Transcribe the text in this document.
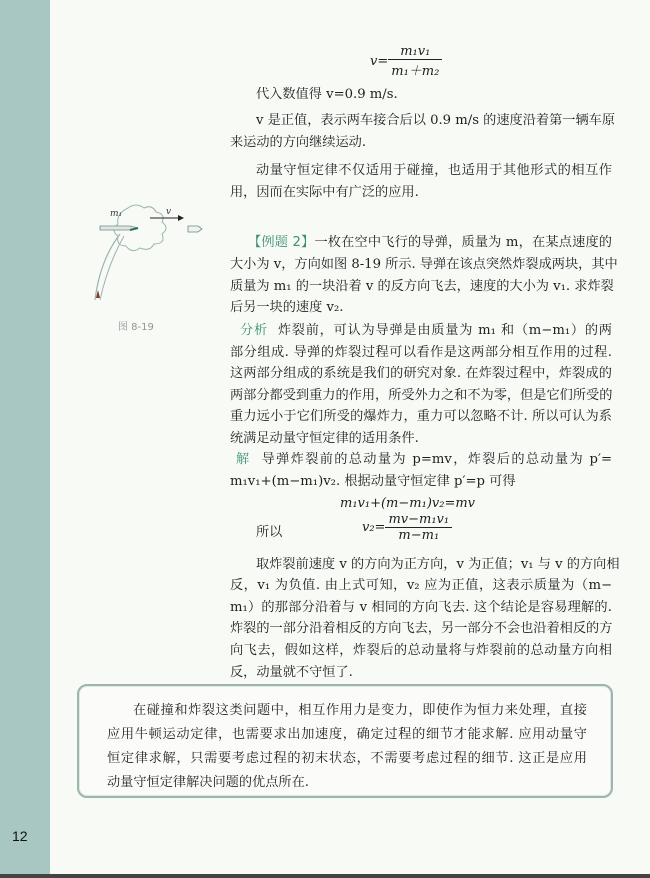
12
$v= \frac{\text{m₁v₁}}{\text{m₁＋m₂}}$
代入数值得 v=0.9 m/s.
v 是正值，表示两车接合后以 0.9 m/s 的速度沿着第一辆车原
来运动的方向继续运动.
动量守恒定律不仅适用于碰撞，也适用于其他形式的相互作
用，因而在实际中有广泛的应用.
【例题 2】一枚在空中飞行的导弹，质量为 m，在某点速度的
大小为 v，方向如图 8-19 所示. 导弹在该点突然炸裂成两块，其中
质量为 m₁ 的一块沿着 v 的反方向飞去，速度的大小为 v₁. 求炸裂
后另一块的速度 v₂.
分析 炸裂前，可认为导弹是由质量为 m₁ 和（m−m₁）的两
部分组成. 导弹的炸裂过程可以看作是这两部分相互作用的过程.
这两部分组成的系统是我们的研究对象. 在炸裂过程中，炸裂成的
两部分都受到重力的作用，所受外力之和不为零，但是它们所受的
重力远小于它们所受的爆炸力，重力可以忽略不计. 所以可认为系
统满足动量守恒定律的适用条件.
解 导弹炸裂前的总动量为 p=mv，炸裂后的总动量为 p′=
m₁v₁+(m−m₁)v₂. 根据动量守恒定律 p′=p 可得
m₁v₁+(m−m₁)v₂=mv
所以	$v_2= \frac{\text{mv−m₁v₁}}{\text{m−m₁}}$
取炸裂前速度 v 的方向为正方向，v 为正值；v₁ 与 v 的方向相
反，v₁ 为负值. 由上式可知，v₂ 应为正值，这表示质量为（m−
m₁）的那部分沿着与 v 相同的方向飞去. 这个结论是容易理解的.
炸裂的一部分沿着相反的方向飞去，另一部分不会也沿着相反的方
向飞去，假如这样，炸裂后的总动量将与炸裂前的总动量方向相
反，动量就不守恒了.
m₁	v
图 8-19
在碰撞和炸裂这类问题中，相互作用力是变力，即使作为恒力来处理，直接
应用牛顿运动定律，也需要求出加速度，确定过程的细节才能求解. 应用动量守
恒定律求解，只需要考虑过程的初末状态，不需要考虑过程的细节. 这正是应用
动量守恒定律解决问题的优点所在.
